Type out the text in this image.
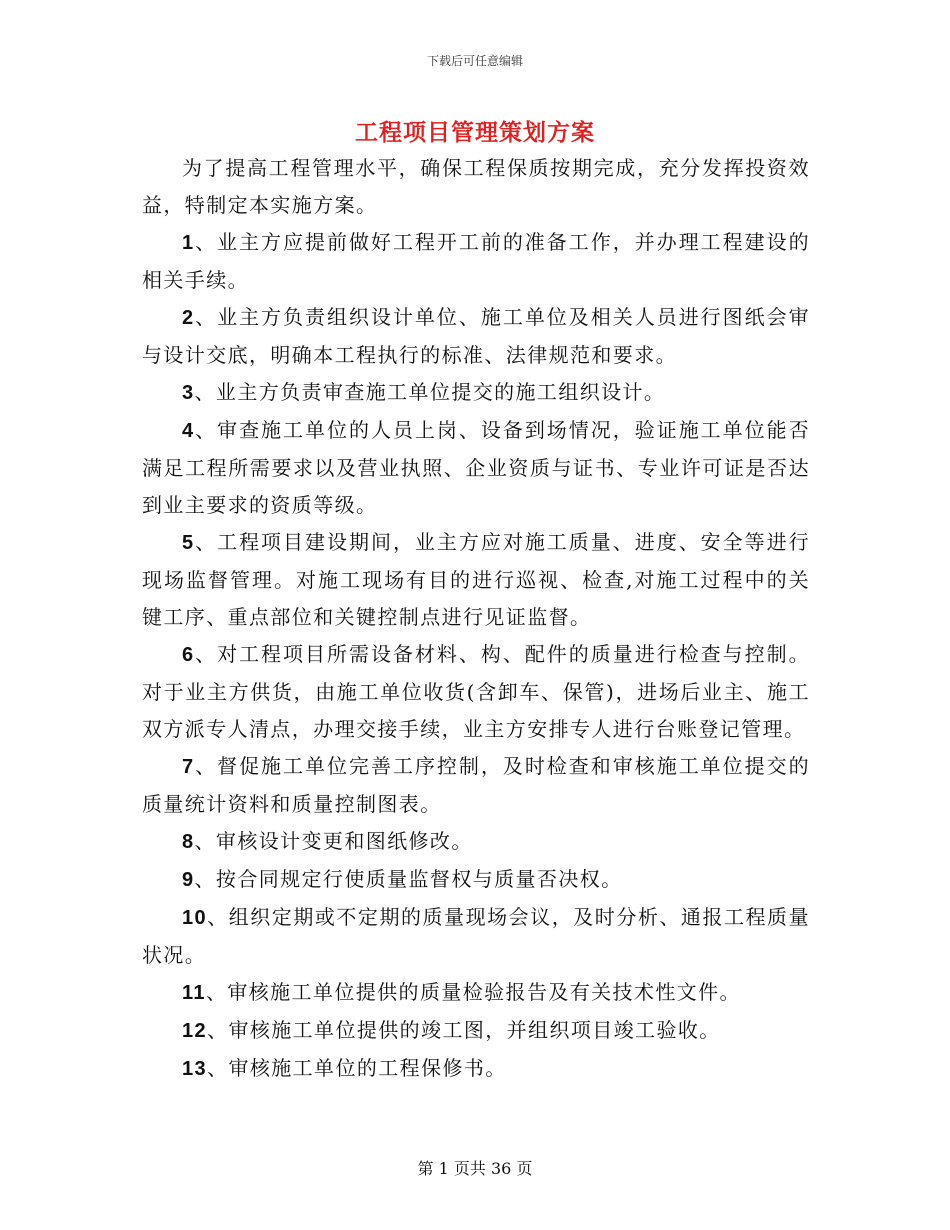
下载后可任意编辑
工程项目管理策划方案

为了提高工程管理水平，确保工程保质按期完成，充分发挥投资效益，特制定本实施方案。

1、业主方应提前做好工程开工前的准备工作，并办理工程建设的相关手续。

2、业主方负责组织设计单位、施工单位及相关人员进行图纸会审与设计交底，明确本工程执行的标准、法律规范和要求。

3、业主方负责审查施工单位提交的施工组织设计。

4、审查施工单位的人员上岗、设备到场情况，验证施工单位能否满足工程所需要求以及营业执照、企业资质与证书、专业许可证是否达到业主要求的资质等级。

5、工程项目建设期间，业主方应对施工质量、进度、安全等进行现场监督管理。对施工现场有目的进行巡视、检查,对施工过程中的关键工序、重点部位和关键控制点进行见证监督。

6、对工程项目所需设备材料、构、配件的质量进行检查与控制。对于业主方供货，由施工单位收货(含卸车、保管)，进场后业主、施工双方派专人清点，办理交接手续，业主方安排专人进行台账登记管理。

7、督促施工单位完善工序控制，及时检查和审核施工单位提交的质量统计资料和质量控制图表。

8、审核设计变更和图纸修改。

9、按合同规定行使质量监督权与质量否决权。

10、组织定期或不定期的质量现场会议，及时分析、通报工程质量状况。

11、审核施工单位提供的质量检验报告及有关技术性文件。

12、审核施工单位提供的竣工图，并组织项目竣工验收。

13、审核施工单位的工程保修书。

第 1 页共 36 页
